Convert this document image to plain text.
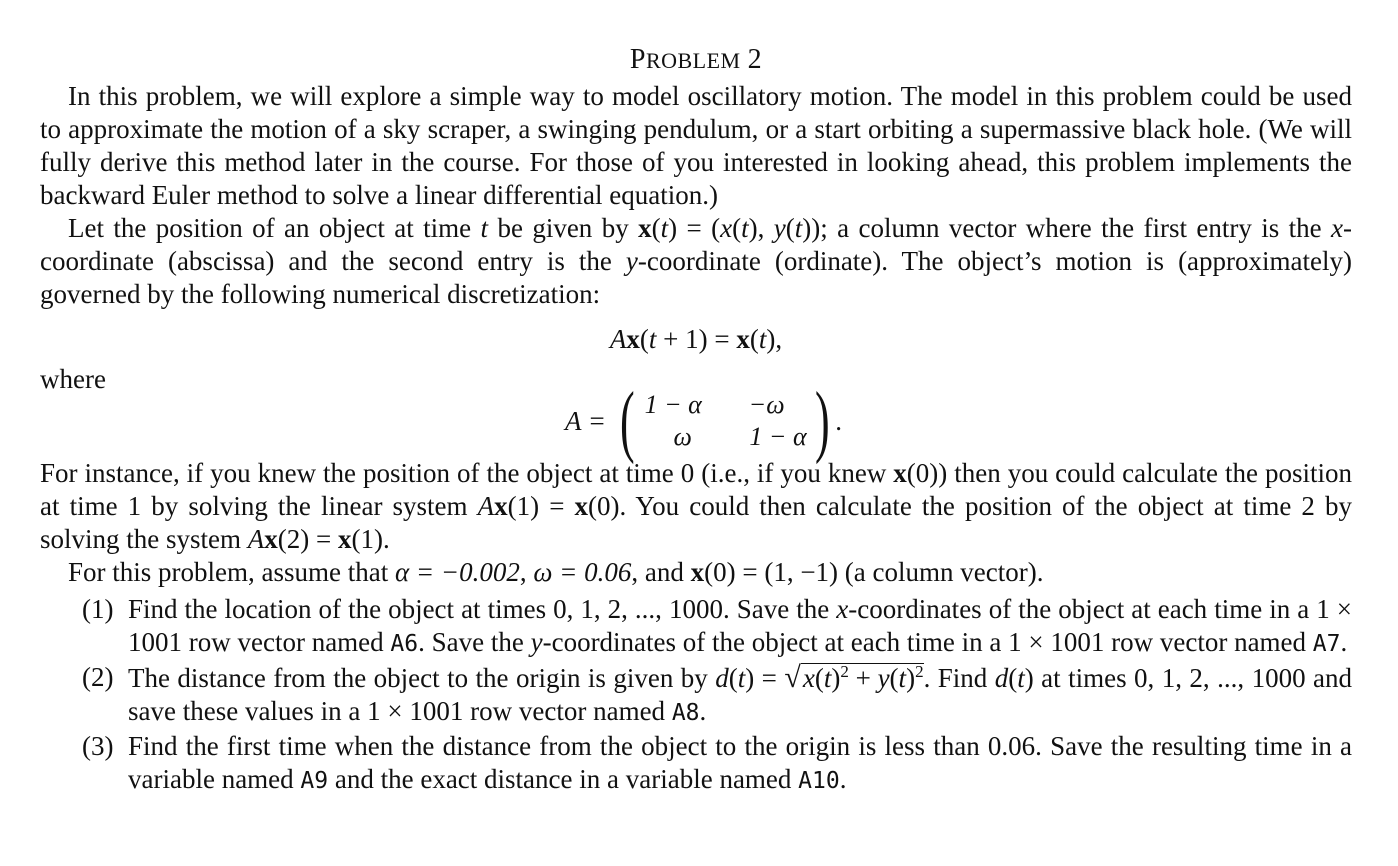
PROBLEM 2

In this problem, we will explore a simple way to model oscillatory motion. The model in this problem could be used to approximate the motion of a sky scraper, a swinging pendulum, or a start orbiting a supermassive black hole. (We will fully derive this method later in the course. For those of you interested in looking ahead, this problem implements the backward Euler method to solve a linear differential equation.)

Let the position of an object at time t be given by x(t) = (x(t), y(t)); a column vector where the first entry is the x-coordinate (abscissa) and the second entry is the y-coordinate (ordinate). The object’s motion is (approximately) governed by the following numerical discretization:

Ax(t + 1) = x(t),
where
A = ( 1 − α	−ω
ω	1 − α ) .

For instance, if you knew the position of the object at time 0 (i.e., if you knew x(0)) then you could calculate the position at time 1 by solving the linear system Ax(1) = x(0). You could then calculate the position of the object at time 2 by solving the system Ax(2) = x(1).

For this problem, assume that α = −0.002, ω = 0.06, and x(0) = (1, −1) (a column vector).

(1) Find the location of the object at times 0, 1, 2, ..., 1000. Save the x-coordinates of the object at each time in a 1 × 1001 row vector named A6. Save the y-coordinates of the object at each time in a 1 × 1001 row vector named A7.
(2) The distance from the object to the origin is given by $d(t) = √x(t)^2 + y(t)^2$. Find d(t) at times 0, 1, 2, ..., 1000 and save these values in a 1 × 1001 row vector named A8.
(3) Find the first time when the distance from the object to the origin is less than 0.06. Save the resulting time in a variable named A9 and the exact distance in a variable named A10.
